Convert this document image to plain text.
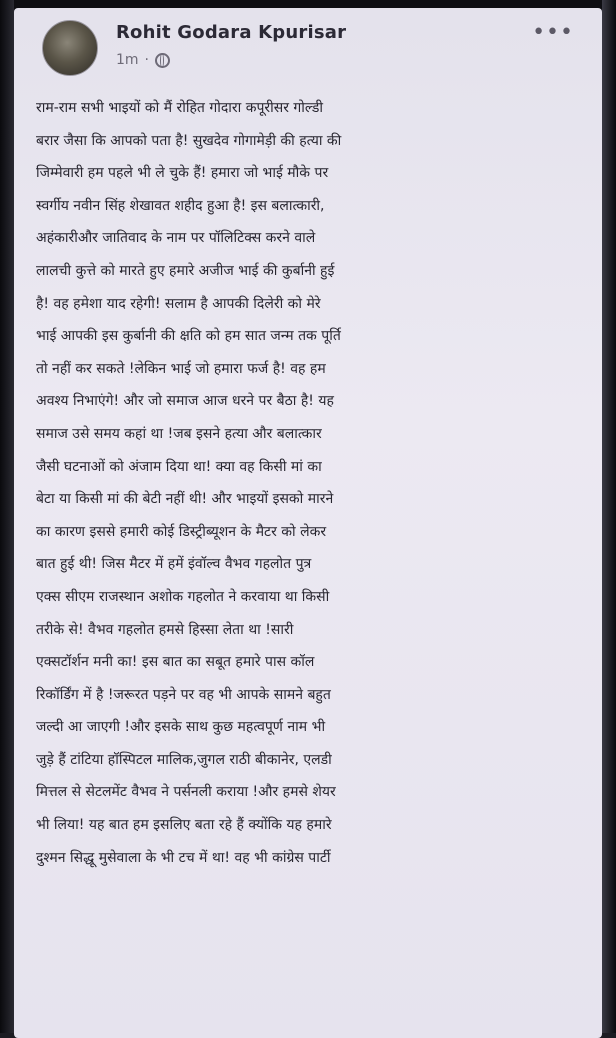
Rohit Godara Kpurisar
1m ·
•••
राम-राम सभी भाइयों को मैं रोहित गोदारा कपूरीसर गोल्डी
बरार जैसा कि आपको पता है! सुखदेव गोगामेड़ी की हत्या की
जिम्मेवारी हम पहले भी ले चुके हैं! हमारा जो भाई मौके पर
स्वर्गीय नवीन सिंह शेखावत शहीद हुआ है! इस बलात्कारी,
अहंकारीऔर जातिवाद के नाम पर पॉलिटिक्स करने वाले
लालची कुत्ते को मारते हुए हमारे अजीज भाई की कुर्बानी हुई
है! वह हमेशा याद रहेगी! सलाम है आपकी दिलेरी को मेरे
भाई आपकी इस कुर्बानी की क्षति को हम सात जन्म तक पूर्ति
तो नहीं कर सकते !लेकिन भाई जो हमारा फर्ज है! वह हम
अवश्य निभाएंगे! और जो समाज आज धरने पर बैठा है! यह
समाज उसे समय कहां था !जब इसने हत्या और बलात्कार
जैसी घटनाओं को अंजाम दिया था! क्या वह किसी मां का
बेटा या किसी मां की बेटी नहीं थी! और भाइयों इसको मारने
का कारण इससे हमारी कोई डिस्ट्रीब्यूशन के मैटर को लेकर
बात हुई थी! जिस मैटर में हमें इंवॉल्व वैभव गहलोत पुत्र
एक्स सीएम राजस्थान अशोक गहलोत ने करवाया था किसी
तरीके से! वैभव गहलोत हमसे हिस्सा लेता था !सारी
एक्सटॉर्शन मनी का! इस बात का सबूत हमारे पास कॉल
रिकॉर्डिंग में है !जरूरत पड़ने पर वह भी आपके सामने बहुत
जल्दी आ जाएगी !और इसके साथ कुछ महत्वपूर्ण नाम भी
जुड़े हैं टांटिया हॉस्पिटल मालिक,जुगल राठी बीकानेर, एलडी
मित्तल से सेटलमेंट वैभव ने पर्सनली कराया !और हमसे शेयर
भी लिया! यह बात हम इसलिए बता रहे हैं क्योंकि यह हमारे
दुश्मन सिद्धू मुसेवाला के भी टच में था! वह भी कांग्रेस पार्टी
